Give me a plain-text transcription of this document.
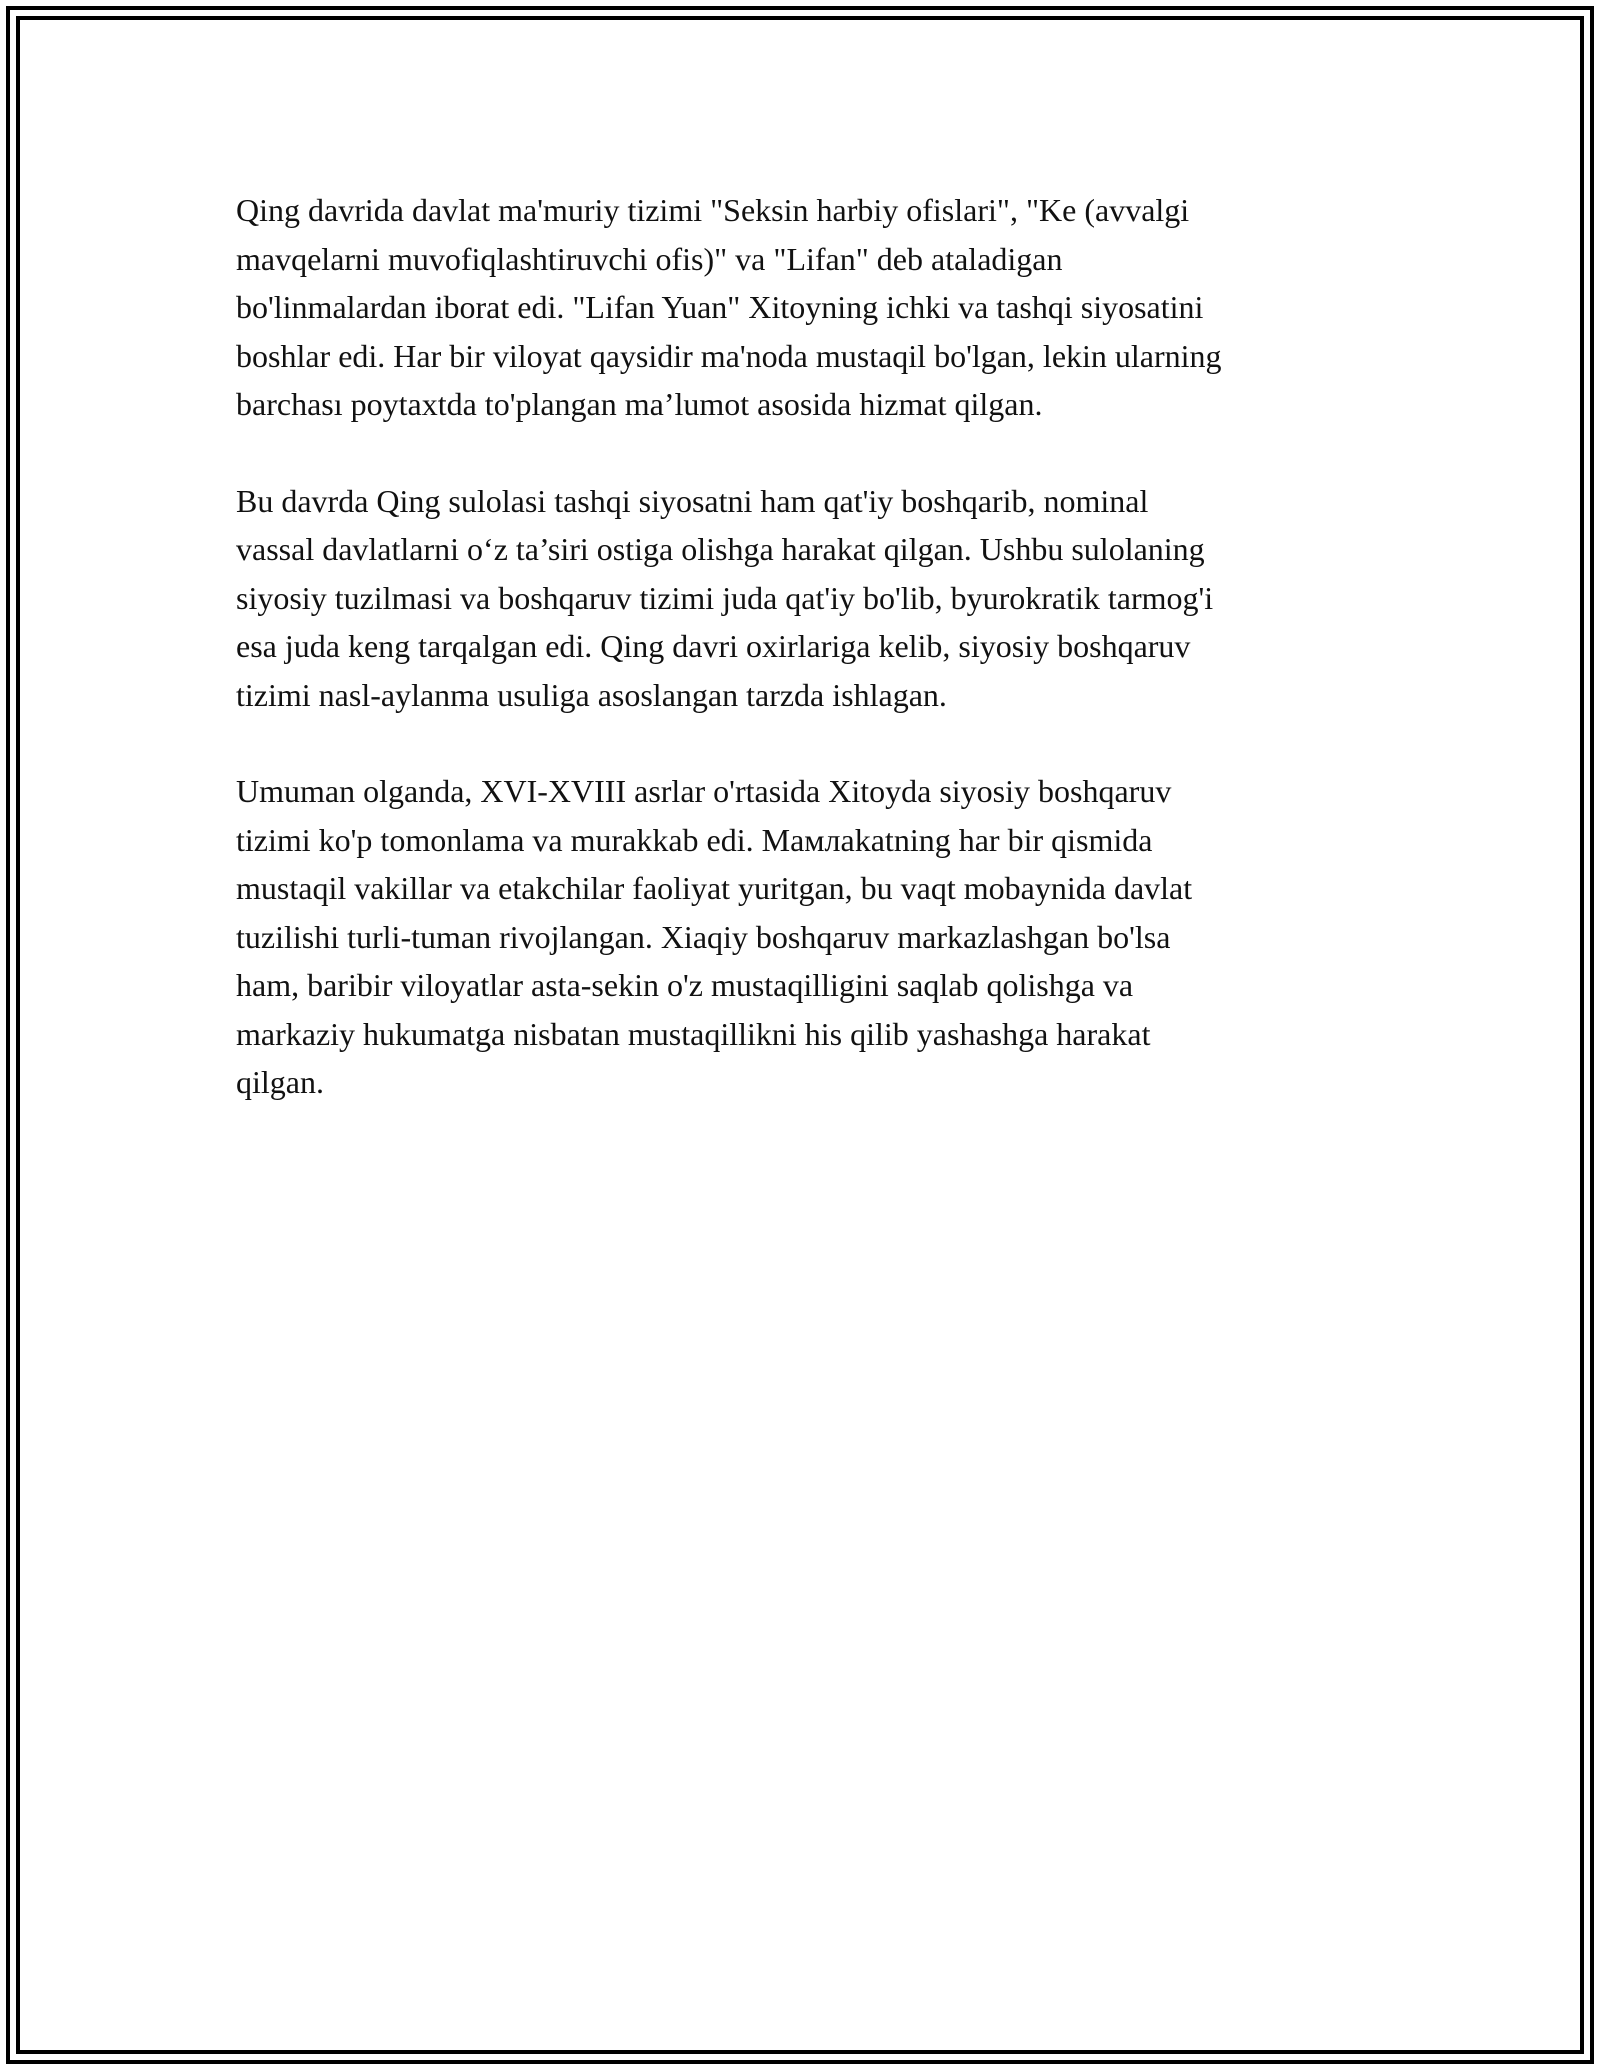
Qing davrida davlat ma'muriy tizimi "Seksin harbiy ofislari", "Ke (avvalgi
mavqelarni muvofiqlashtiruvchi ofis)" va "Lifan" deb ataladigan
bo'linmalardan iborat edi. "Lifan Yuan" Xitoyning ichki va tashqi siyosatini
boshlar edi. Har bir viloyat qaysidir ma'noda mustaqil bo'lgan, lekin ularning
barchası poytaxtda to'plangan ma’lumot asosida hizmat qilgan.

Bu davrda Qing sulolasi tashqi siyosatni ham qat'iy boshqarib, nominal
vassal davlatlarni o‘z ta’siri ostiga olishga harakat qilgan. Ushbu sulolaning
siyosiy tuzilmasi va boshqaruv tizimi juda qat'iy bo'lib, byurokratik tarmog'i
esa juda keng tarqalgan edi. Qing davri oxirlariga kelib, siyosiy boshqaruv
tizimi nasl-aylanma usuliga asoslangan tarzda ishlagan.

Umuman olganda, XVI-XVIII asrlar o'rtasida Xitoyda siyosiy boshqaruv
tizimi ko'p tomonlama va murakkab edi. Мамлakatning har bir qismida
mustaqil vakillar va etakchilar faoliyat yuritgan, bu vaqt mobaynida davlat
tuzilishi turli-tuman rivojlangan. Xiaqiy boshqaruv markazlashgan bo'lsa
ham, baribir viloyatlar asta-sekin o'z mustaqilligini saqlab qolishga va
markaziy hukumatga nisbatan mustaqillikni his qilib yashashga harakat
qilgan.
